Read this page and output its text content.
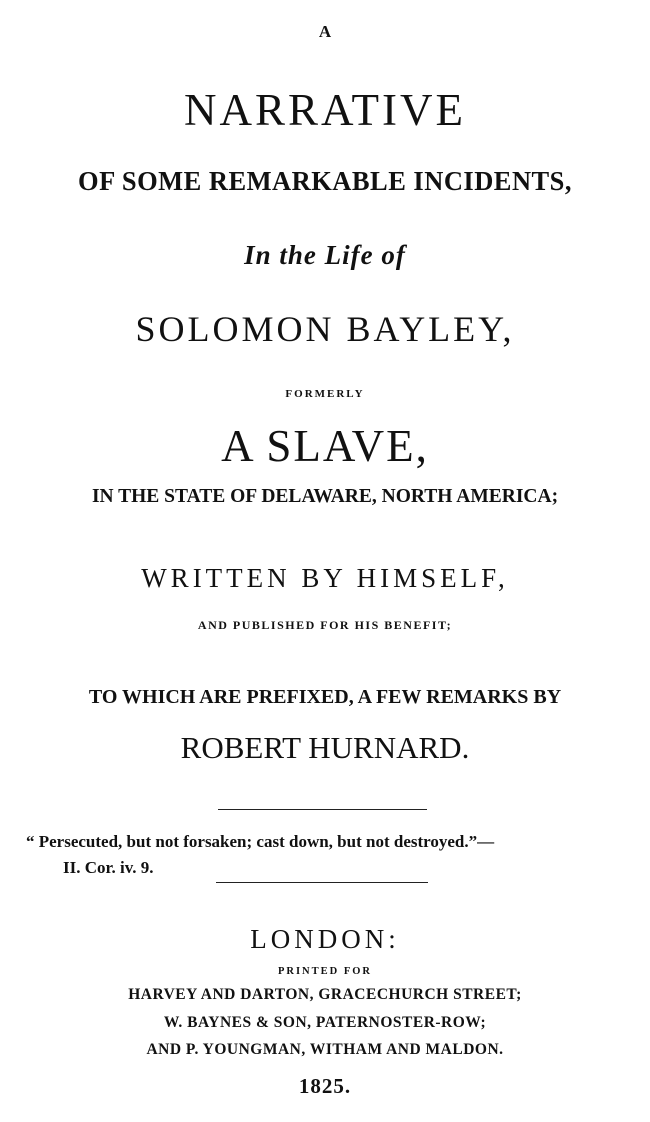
A
NARRATIVE
OF SOME REMARKABLE INCIDENTS,
In the Life of
SOLOMON BAYLEY,
FORMERLY
A SLAVE,
IN THE STATE OF DELAWARE, NORTH AMERICA;
WRITTEN BY HIMSELF,
AND PUBLISHED FOR HIS BENEFIT;
TO WHICH ARE PREFIXED, A FEW REMARKS BY
ROBERT HURNARD.
“ Persecuted, but not forsaken; cast down, but not destroyed.”—
II. Cor. iv. 9.
LONDON:
PRINTED FOR
HARVEY AND DARTON, GRACECHURCH STREET;
W. BAYNES & SON, PATERNOSTER-ROW;
AND P. YOUNGMAN, WITHAM AND MALDON.
1825.
